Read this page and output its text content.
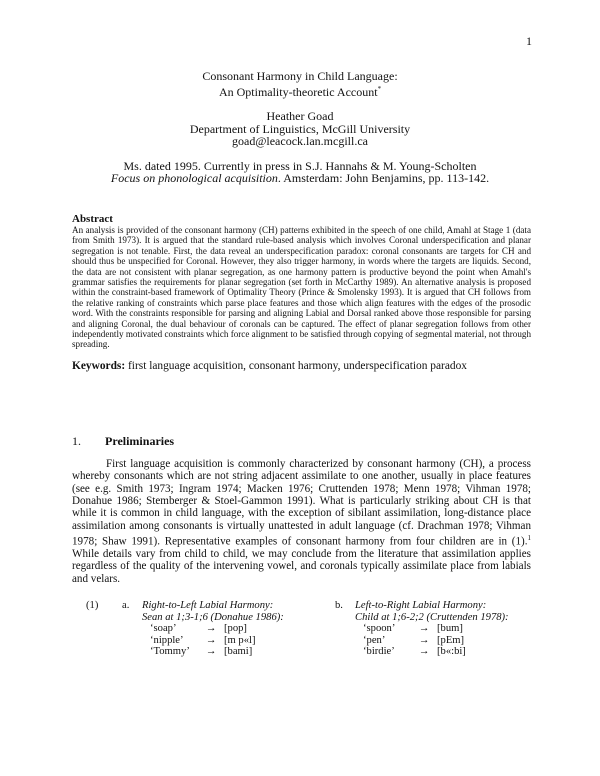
1
Consonant Harmony in Child Language:
An Optimality-theoretic Account*
Heather Goad
Department of Linguistics, McGill University
goad@leacock.lan.mcgill.ca
Ms. dated 1995. Currently in press in S.J. Hannahs & M. Young-Scholten
Focus on phonological acquisition. Amsterdam: John Benjamins, pp. 113-142.
Abstract
An analysis is provided of the consonant harmony (CH) patterns exhibited in the speech of one child, Amahl at Stage 1 (data from Smith 1973). It is argued that the standard rule-based analysis which involves Coronal underspecification and planar segregation is not tenable. First, the data reveal an underspecification paradox: coronal consonants are targets for CH and should thus be unspecified for Coronal. However, they also trigger harmony, in words where the targets are liquids. Second, the data are not consistent with planar segregation, as one harmony pattern is productive beyond the point when Amahl's grammar satisfies the requirements for planar segregation (set forth in McCarthy 1989). An alternative analysis is proposed within the constraint-based framework of Optimality Theory (Prince & Smolensky 1993). It is argued that CH follows from the relative ranking of constraints which parse place features and those which align features with the edges of the prosodic word. With the constraints responsible for parsing and aligning Labial and Dorsal ranked above those responsible for parsing and aligning Coronal, the dual behaviour of coronals can be captured. The effect of planar segregation follows from other independently motivated constraints which force alignment to be satisfied through copying of segmental material, not through spreading.
Keywords: first language acquisition, consonant harmony, underspecification paradox
1. Preliminaries
First language acquisition is commonly characterized by consonant harmony (CH), a process whereby consonants which are not string adjacent assimilate to one another, usually in place features (see e.g. Smith 1973; Ingram 1974; Macken 1976; Cruttenden 1978; Menn 1978; Vihman 1978; Donahue 1986; Stemberger & Stoel-Gammon 1991). What is particularly striking about CH is that while it is common in child language, with the exception of sibilant assimilation, long-distance place assimilation among consonants is virtually unattested in adult language (cf. Drachman 1978; Vihman 1978; Shaw 1991). Representative examples of consonant harmony from four children are in (1).$^1$ While details vary from child to child, we may conclude from the literature that assimilation applies regardless of the quality of the intervening vowel, and coronals typically assimilate place from labials and velars.
(1) a.	Right-to-Left Labial Harmony:
Sean at 1;3-1;6 (Donahue 1986):
‘soap’	→ [pop]
‘nipple’	→ [m p«l]
‘Tommy’	→ [bami]
b.	Left-to-Right Labial Harmony:
Child at 1;6-2;2 (Cruttenden 1978):
‘spoon’	→ [bum]
‘pen’	→ [pEm]
‘birdie’	→ [b«:bi]
